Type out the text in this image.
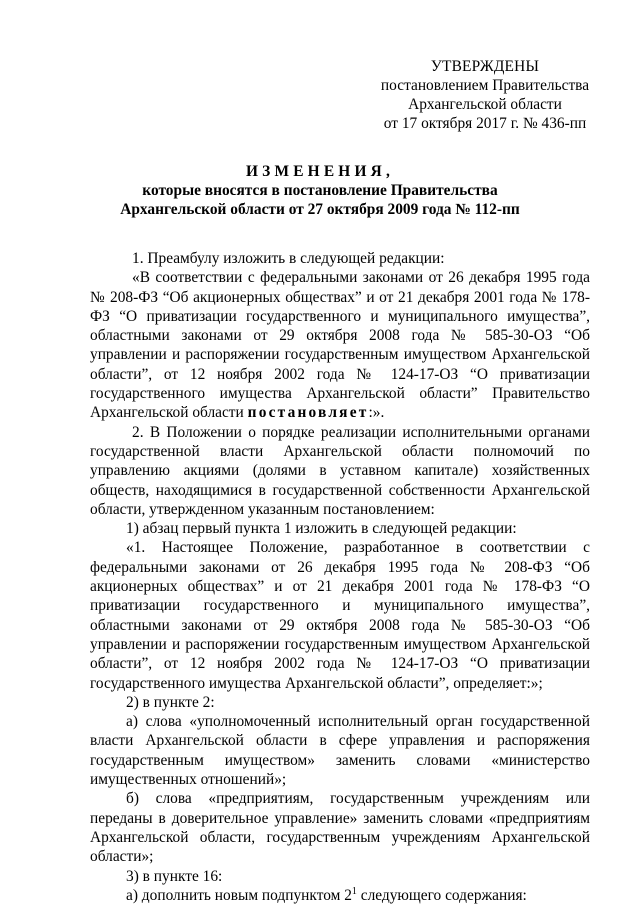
УТВЕРЖДЕНЫ
постановлением Правительства
Архангельской области
от 17 октября 2017 г. № 436-пп
ИЗМЕНЕНИЯ,
которые вносятся в постановление Правительства
Архангельской области от 27 октября 2009 года № 112-пп
1. Преамбулу изложить в следующей редакции:
«В соответствии с федеральными законами от 26 декабря 1995 года № 208-ФЗ “Об акционерных обществах” и от 21 декабря 2001 года № 178-ФЗ “О приватизации государственного и муниципального имущества”, областными законами от 29 октября 2008 года № 585-30-ОЗ “Об управлении и распоряжении государственным имуществом Архангельской области”, от 12 ноября 2002 года № 124-17-ОЗ “О приватизации государственного имущества Архангельской области” Правительство Архангельской области постановляет:».
2. В Положении о порядке реализации исполнительными органами государственной власти Архангельской области полномочий по управлению акциями (долями в уставном капитале) хозяйственных обществ, находящимися в государственной собственности Архангельской области, утвержденном указанным постановлением:
1) абзац первый пункта 1 изложить в следующей редакции:
«1. Настоящее Положение, разработанное в соответствии с федеральными законами от 26 декабря 1995 года № 208-ФЗ “Об акционерных обществах” и от 21 декабря 2001 года № 178-ФЗ “О приватизации государственного и муниципального имущества”, областными законами от 29 октября 2008 года № 585-30-ОЗ “Об управлении и распоряжении государственным имуществом Архангельской области”, от 12 ноября 2002 года № 124-17-ОЗ “О приватизации государственного имущества Архангельской области”, определяет:»;
2) в пункте 2:
а) слова «уполномоченный исполнительный орган государственной власти Архангельской области в сфере управления и распоряжения государственным имуществом» заменить словами «министерство имущественных отношений»;
б) слова «предприятиям, государственным учреждениям или переданы в доверительное управление» заменить словами «предприятиям Архангельской области, государственным учреждениям Архангельской области»;
3) в пункте 16:
а) дополнить новым подпунктом $2^1$ следующего содержания:
